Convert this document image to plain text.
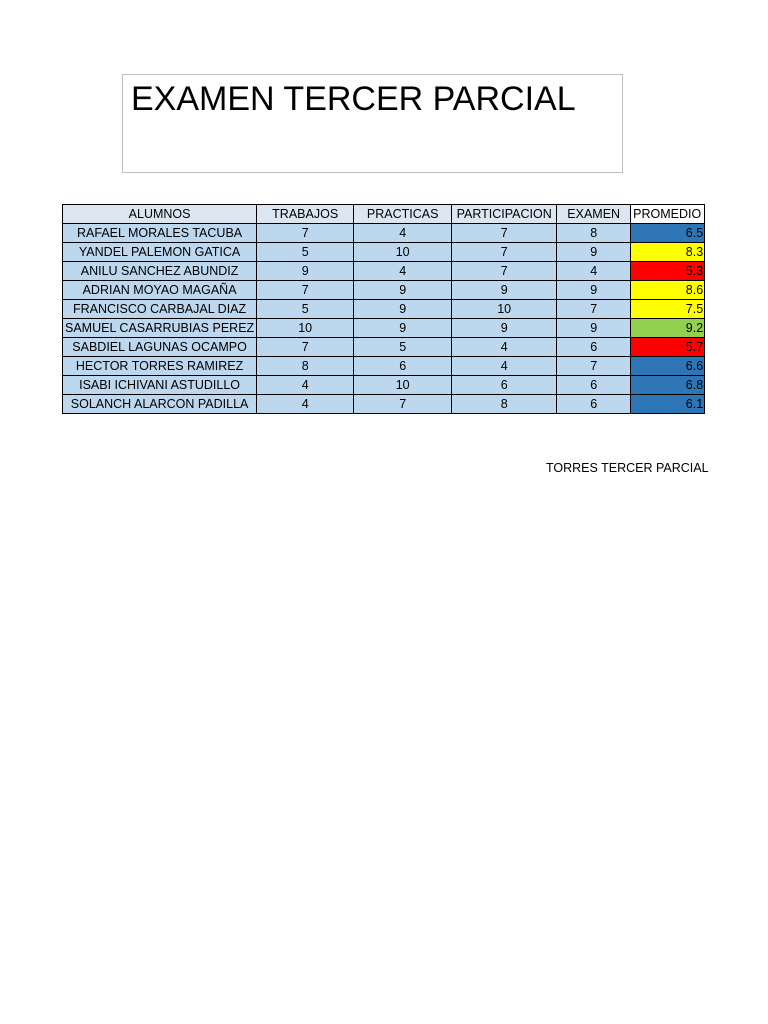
EXAMEN TERCER PARCIAL
ALUMNOS	TRABAJOS	PRACTICAS	PARTICIPACION	EXAMEN	PROMEDIO
RAFAEL MORALES TACUBA	7	4	7	8	6.5
YANDEL PALEMON GATICA	5	10	7	9	8.3
ANILU SANCHEZ ABUNDIZ	9	4	7	4	5.3
ADRIAN MOYAO MAGAÑA	7	9	9	9	8.6
FRANCISCO CARBAJAL DIAZ	5	9	10	7	7.5
SAMUEL CASARRUBIAS PEREZ	10	9	9	9	9.2
SABDIEL LAGUNAS OCAMPO	7	5	4	6	5.7
HECTOR TORRES RAMIREZ	8	6	4	7	6.6
ISABI ICHIVANI ASTUDILLO	4	10	6	6	6.8
SOLANCH ALARCON PADILLA	4	7	8	6	6.1
TORRES TERCER PARCIAL
